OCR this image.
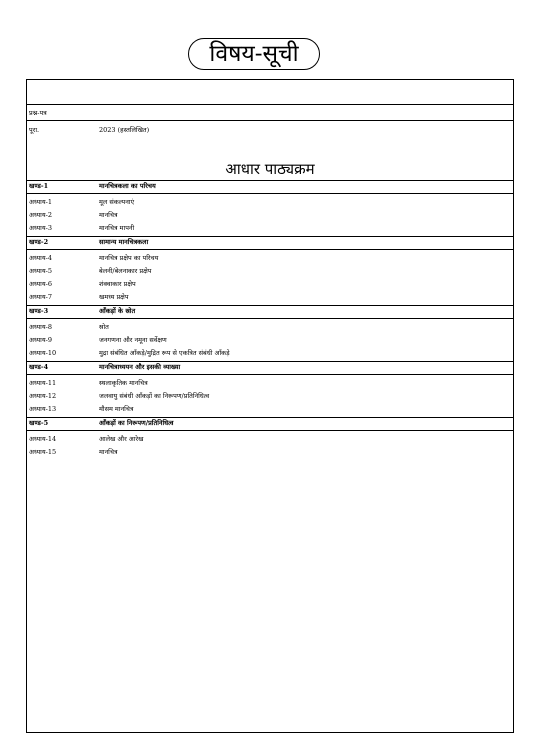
विषय-सूची
प्रश्न-पत्र
पूरा.	2023 (हस्तलिखित)
आधार पाठ्यक्रम
खण्ड-1	मानचित्रकला का परिचय
अध्याय-1	मूल संकल्पनाएं
अध्याय-2	मानचित्र
अध्याय-3	मानचित्र मापनी
खण्ड-2	सामान्य मानचित्रकला
अध्याय-4	मानचित्र प्रक्षेप का परिचय
अध्याय-5	बेलनी/बेलनाकार प्रक्षेप
अध्याय-6	शंक्वाकार प्रक्षेप
अध्याय-7	खमध्य प्रक्षेप
खण्ड-3	आँकड़ों के स्रोत
अध्याय-8	स्रोत
अध्याय-9	जनगणना और नमूना सर्वेक्षण
अध्याय-10	मुद्रा संबंधित आँकड़े/मुद्रित रूप से एकत्रित संबंधी आँकड़े
खण्ड-4	मानचित्राध्ययन और इसकी व्याख्या
अध्याय-11	स्थलाकृतिक मानचित्र
अध्याय-12	जलवायु संबंधी आँकड़ों का निरूपण/प्रतिनिधित्व
अध्याय-13	मौसम मानचित्र
खण्ड-5	आँकड़ों का निरूपण/प्रतिनिधित्व
अध्याय-14	आलेख और आरेख
अध्याय-15	मानचित्र
